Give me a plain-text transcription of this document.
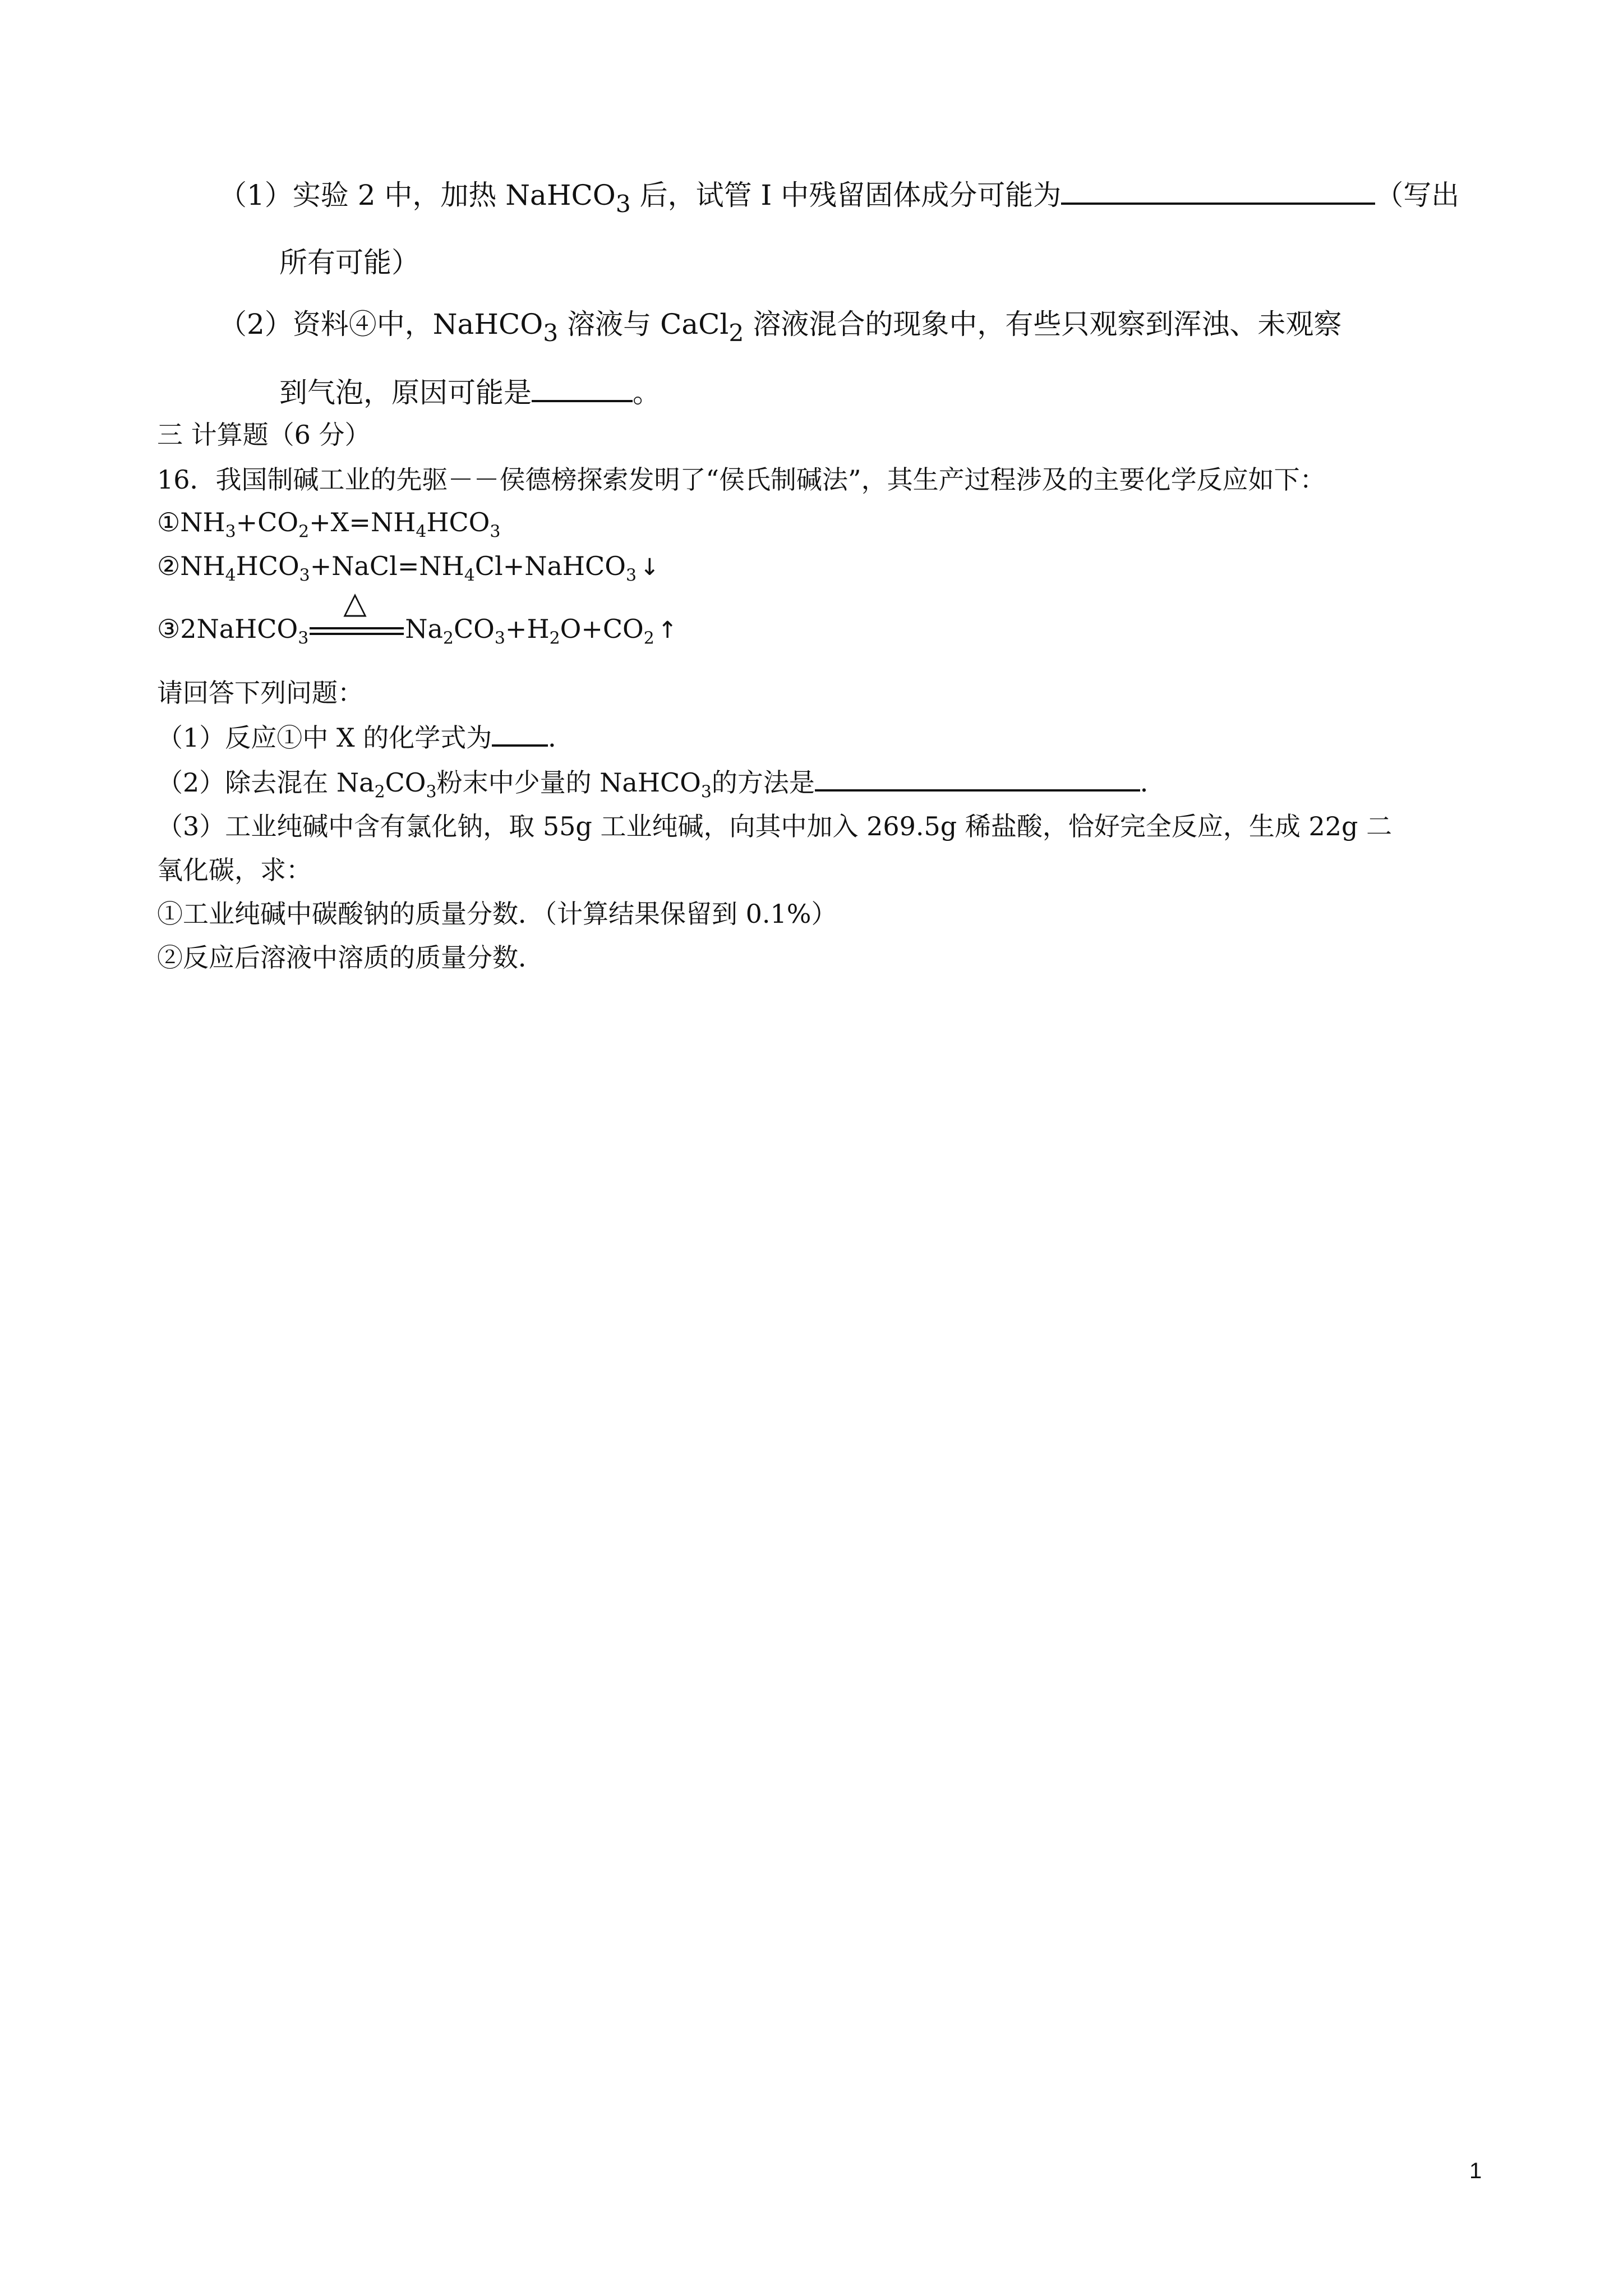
（1）实验 2 中，加热 NaHCO$_3$ 后，试管 I 中残留固体成分可能为	（写出
所有可能）
（2）资料④中，NaHCO$_3$ 溶液与 CaCl$_2$ 溶液混合的现象中，有些只观察到浑浊、未观察
到气泡，原因可能是	。
三 计算题（6 分）
16．我国制碱工业的先驱－－侯德榜探索发明了“侯氏制碱法”，其生产过程涉及的主要化学反应如下：
$①NH_3+CO_2+X=NH_4HCO_3$
$②NH_4HCO_3+NaCl=NH_4Cl+NaHCO_3$ ↓
③2NaHCO$_3$
△
$Na_2CO_3+H_2O+CO_2$ ↑
请回答下列问题：
（1）反应①中 X 的化学式为 ．
（2）除去混在 $Na_2CO_3$粉末中少量的 NaHCO$_3$的方法是	．
（3）工业纯碱中含有氯化钠，取 55g 工业纯碱，向其中加入 269.5g 稀盐酸，恰好完全反应，生成 22g 二
氧化碳，求：
①工业纯碱中碳酸钠的质量分数．（计算结果保留到 0.1%）
②反应后溶液中溶质的质量分数．
1
